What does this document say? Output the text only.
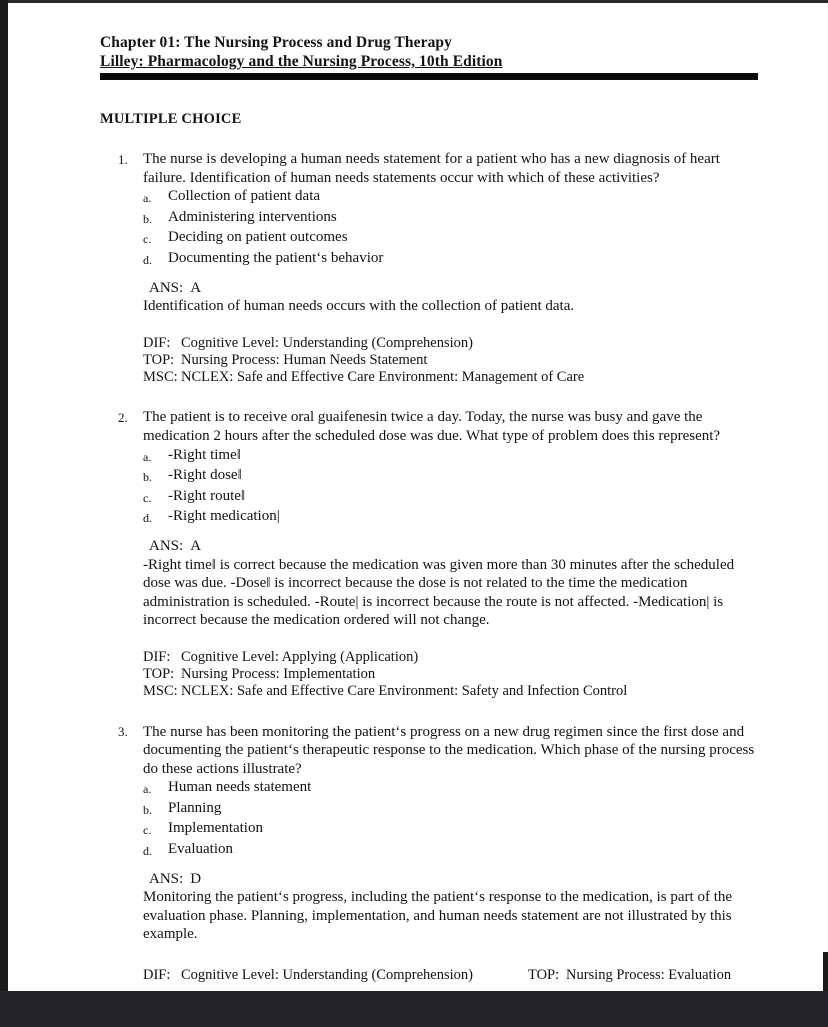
Chapter 01: The Nursing Process and Drug Therapy
Lilley: Pharmacology and the Nursing Process, 10th Edition
MULTIPLE CHOICE
1.	The nurse is developing a human needs statement for a patient who has a new diagnosis of heart failure. Identification of human needs statements occur with which of these activities?
a.	Collection of patient data
b.	Administering interventions
c.	Deciding on patient outcomes
d.	Documenting the patient‘s behavior
ANS: A
Identification of human needs occurs with the collection of patient data.
DIF: Cognitive Level: Understanding (Comprehension)
TOP: Nursing Process: Human Needs Statement
MSC: NCLEX: Safe and Effective Care Environment: Management of Care
2.	The patient is to receive oral guaifenesin twice a day. Today, the nurse was busy and gave the medication 2 hours after the scheduled dose was due. What type of problem does this represent?
a.	-Right time‖
b.	-Right dose‖
c.	-Right route‖
d.	-Right medication|
ANS: A
-Right time‖ is correct because the medication was given more than 30 minutes after the scheduled dose was due. -Dose‖ is incorrect because the dose is not related to the time the medication administration is scheduled. -Route| is incorrect because the route is not affected. -Medication| is incorrect because the medication ordered will not change.
DIF: Cognitive Level: Applying (Application)
TOP: Nursing Process: Implementation
MSC: NCLEX: Safe and Effective Care Environment: Safety and Infection Control
3.	The nurse has been monitoring the patient‘s progress on a new drug regimen since the first dose and documenting the patient‘s therapeutic response to the medication. Which phase of the nursing process do these actions illustrate?
a.	Human needs statement
b.	Planning
c.	Implementation
d.	Evaluation
ANS: D
Monitoring the patient‘s progress, including the patient‘s response to the medication, is part of the evaluation phase. Planning, implementation, and human needs statement are not illustrated by this example.
DIF: Cognitive Level: Understanding (Comprehension)	TOP: Nursing Process: Evaluation
